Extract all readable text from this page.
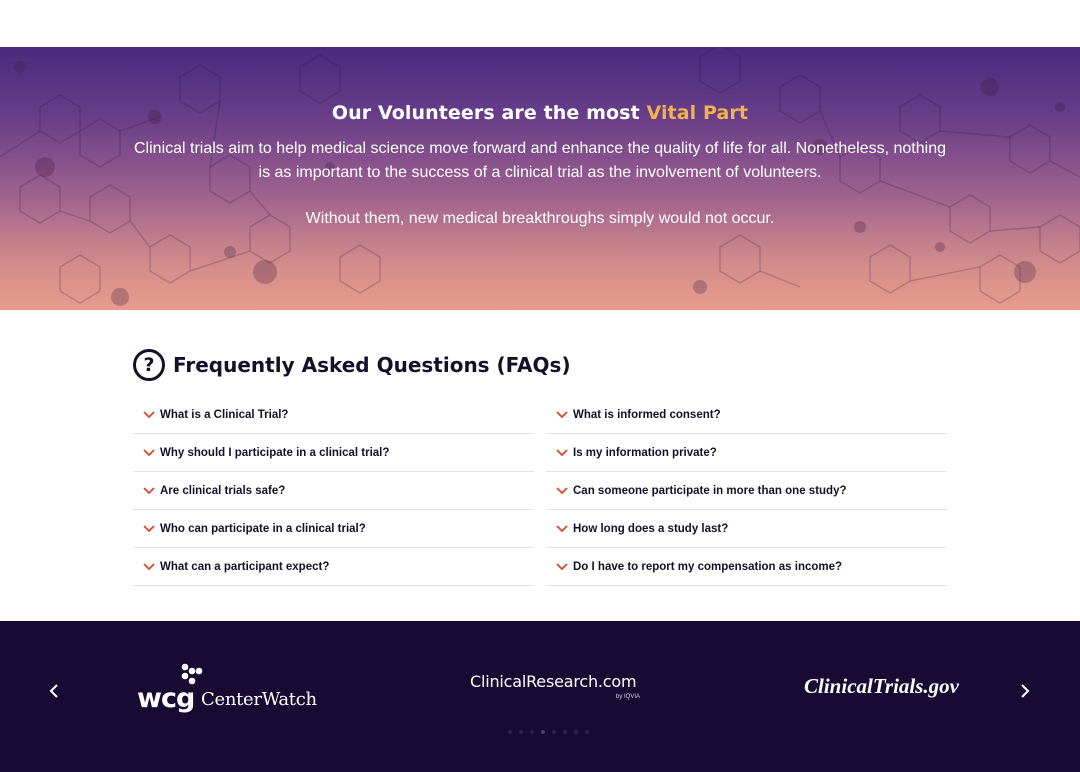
Our Volunteers are the most Vital Part

Clinical trials aim to help medical science move forward and enhance the quality of life for all. Nonetheless, nothing is as important to the success of a clinical trial as the involvement of volunteers.

Without them, new medical breakthroughs simply would not occur.

? Frequently Asked Questions (FAQs)
What is a Clinical Trial?
Why should I participate in a clinical trial?
Are clinical trials safe?
Who can participate in a clinical trial?
What can a participant expect?
What is informed consent?
Is my information private?
Can someone participate in more than one study?
How long does a study last?
Do I have to report my compensation as income?
wcg CenterWatch
ClinicalResearch.com
by IQVIA	ClinicalTrials.gov
